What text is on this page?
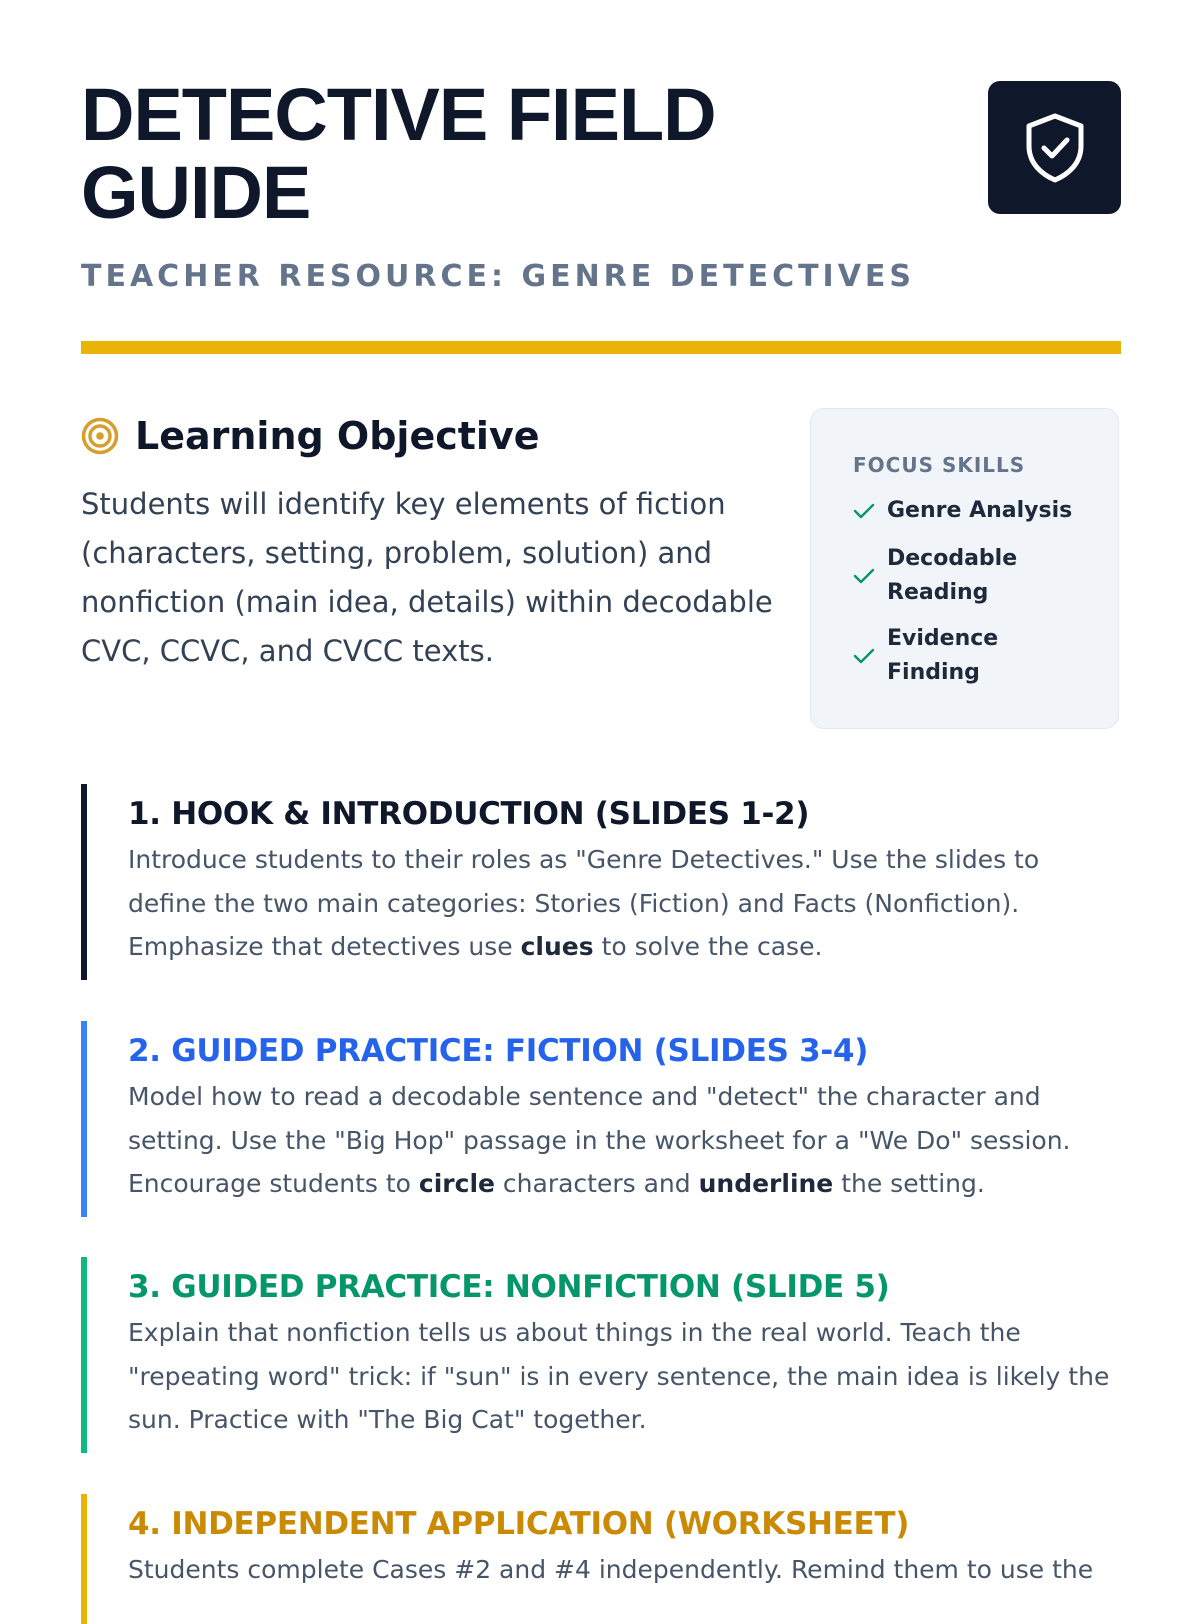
DETECTIVE FIELD GUIDE
TEACHER RESOURCE: GENRE DETECTIVES
Learning Objective
Students will identify key elements of fiction (characters, setting, problem, solution) and nonfiction (main idea, details) within decodable CVC, CCVC, and CVCC texts.
FOCUS SKILLS
Genre Analysis
Decodable Reading
Evidence Finding
1. HOOK & INTRODUCTION (SLIDES 1-2)
Introduce students to their roles as "Genre Detectives." Use the slides to define the two main categories: Stories (Fiction) and Facts (Nonfiction). Emphasize that detectives use clues to solve the case.
2. GUIDED PRACTICE: FICTION (SLIDES 3-4)
Model how to read a decodable sentence and "detect" the character and setting. Use the "Big Hop" passage in the worksheet for a "We Do" session. Encourage students to circle characters and underline the setting.
3. GUIDED PRACTICE: NONFICTION (SLIDE 5)
Explain that nonfiction tells us about things in the real world. Teach the "repeating word" trick: if "sun" is in every sentence, the main idea is likely the sun. Practice with "The Big Cat" together.
4. INDEPENDENT APPLICATION (WORKSHEET)
Students complete Cases #2 and #4 independently. Remind them to use the
